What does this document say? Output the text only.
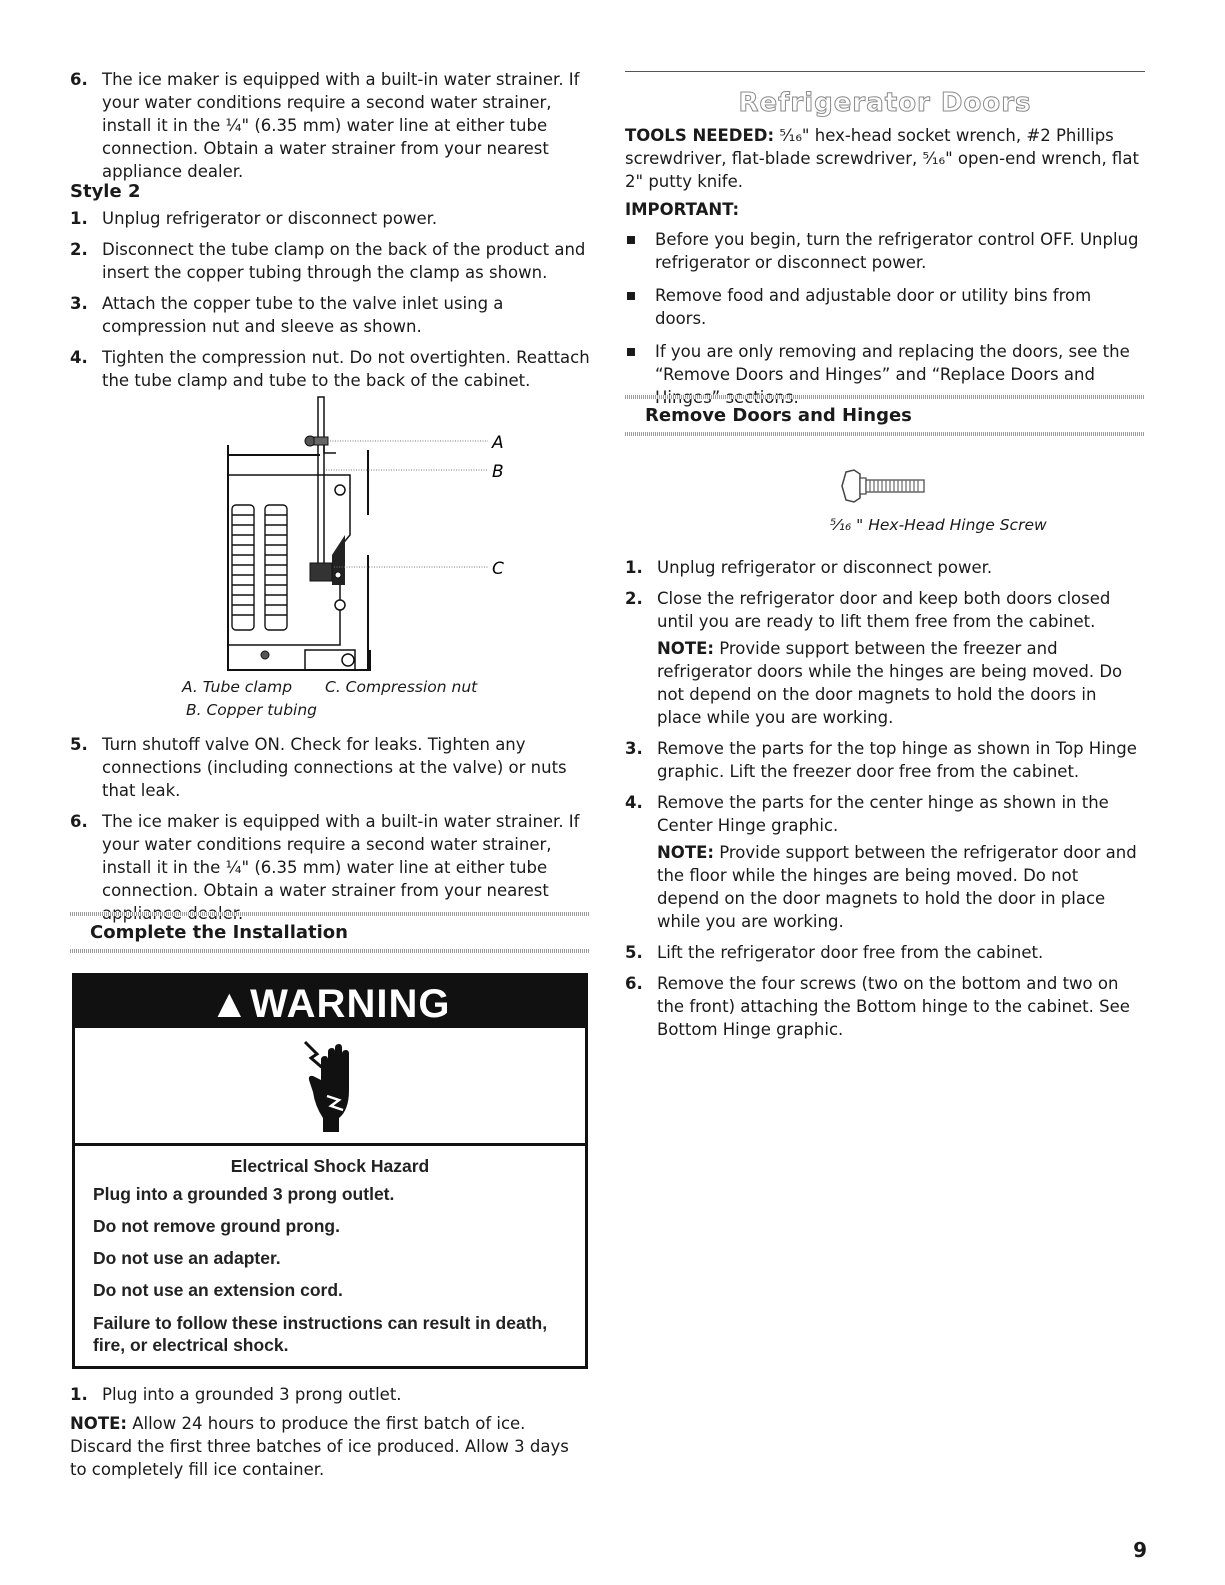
6. The ice maker is equipped with a built-in water strainer. If your water conditions require a second water strainer, install it in the ¼" (6.35 mm) water line at either tube connection. Obtain a water strainer from your nearest appliance dealer.
Style 2
1. Unplug refrigerator or disconnect power.
2. Disconnect the tube clamp on the back of the product and insert the copper tubing through the clamp as shown.
3. Attach the copper tube to the valve inlet using a compression nut and sleeve as shown.
4. Tighten the compression nut. Do not overtighten. Reattach the tube clamp and tube to the back of the cabinet.
A
B
C
A. Tube clamp C. Compression nut
B. Copper tubing
5. Turn shutoff valve ON. Check for leaks. Tighten any connections (including connections at the valve) or nuts that leak.
6. The ice maker is equipped with a built-in water strainer. If your water conditions require a second water strainer, install it in the ¼" (6.35 mm) water line at either tube connection. Obtain a water strainer from your nearest
Complete the Installation
▲WARNING
Electrical Shock Hazard
Plug into a grounded 3 prong outlet.
Do not remove ground prong.
Do not use an adapter.
Do not use an extension cord.
Failure to follow these instructions can result in death, fire, or electrical shock.
1. Plug into a grounded 3 prong outlet.
NOTE: Allow 24 hours to produce the first batch of ice. Discard the first three batches of ice produced. Allow 3 days to completely fill ice container.
Refrigerator Doors
TOOLS NEEDED: ⁵⁄₁₆" hex-head socket wrench, #2 Phillips screwdriver, flat-blade screwdriver, ⁵⁄₁₆" open-end wrench, flat 2" putty knife.
IMPORTANT:
Before you begin, turn the refrigerator control OFF. Unplug refrigerator or disconnect power.
Remove food and adjustable door or utility bins from doors.
If you are only removing and replacing the doors, see the “Remove Doors and Hinges” and “Replace Doors and
Remove Doors and Hinges
⁵⁄₁₆ " Hex-Head Hinge Screw
1. Unplug refrigerator or disconnect power.
2. Close the refrigerator door and keep both doors closed until you are ready to lift them free from the cabinet.
NOTE: Provide support between the freezer and refrigerator doors while the hinges are being moved. Do not depend on the door magnets to hold the doors in place while you are working.
3. Remove the parts for the top hinge as shown in Top Hinge graphic. Lift the freezer door free from the cabinet.
4. Remove the parts for the center hinge as shown in the Center Hinge graphic.
NOTE: Provide support between the refrigerator door and the floor while the hinges are being moved. Do not depend on the door magnets to hold the door in place while you are working.
5. Lift the refrigerator door free from the cabinet.
6. Remove the four screws (two on the bottom and two on the front) attaching the Bottom hinge to the cabinet. See Bottom Hinge graphic.
9
